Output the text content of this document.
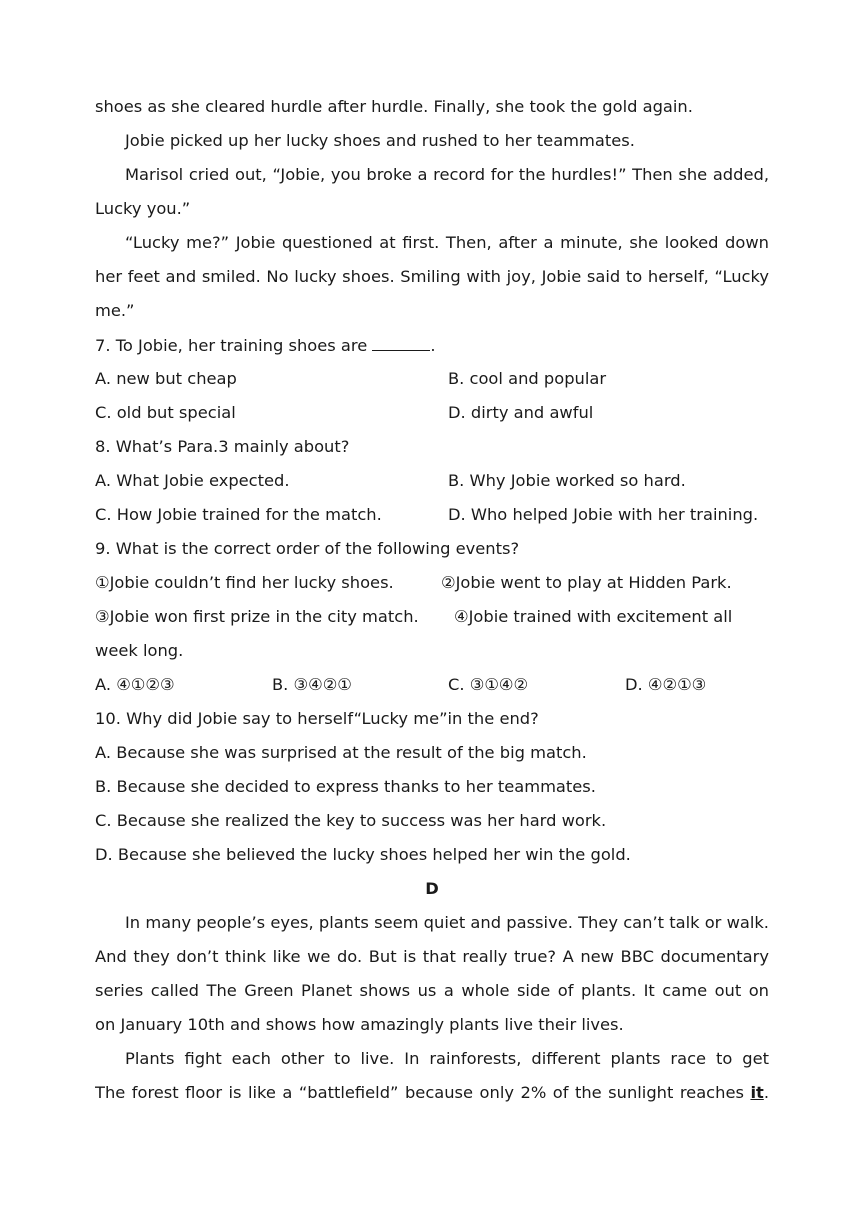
shoes as she cleared hurdle after hurdle. Finally, she took the gold again.
Jobie picked up her lucky shoes and rushed to her teammates.
Marisol cried out, “Jobie, you broke a record for the hurdles!” Then she added,
Lucky you.”
“Lucky me?” Jobie questioned at first. Then, after a minute, she looked down
her feet and smiled. No lucky shoes. Smiling with joy, Jobie said to herself, “Lucky
me.”
7. To Jobie, her training shoes are	.
A. new but cheap	B. cool and popular
C. old but special	D. dirty and awful
8. What’s Para.3 mainly about?
A. What Jobie expected.	B. Why Jobie worked so hard.
C. How Jobie trained for the match.	D. Who helped Jobie with her training.
9. What is the correct order of the following events?
①Jobie couldn’t find her lucky shoes.	②Jobie went to play at Hidden Park.
③Jobie won first prize in the city match. ④Jobie trained with excitement all
week long.
A. ④①②③	B. ③④②①	C. ③①④②	D. ④②①③
10. Why did Jobie say to herself“Lucky me”in the end?
A. Because she was surprised at the result of the big match.
B. Because she decided to express thanks to her teammates.
C. Because she realized the key to success was her hard work.
D. Because she believed the lucky shoes helped her win the gold.
D
In many people’s eyes, plants seem quiet and passive. They can’t talk or walk.
And they don’t think like we do. But is that really true? A new BBC documentary
series called The Green Planet shows us a whole side of plants. It came out on
on January 10th and shows how amazingly plants live their lives.
Plants fight each other to live. In rainforests, different plants race to get
The forest floor is like a “battlefield” because only 2% of the sunlight reaches it.
